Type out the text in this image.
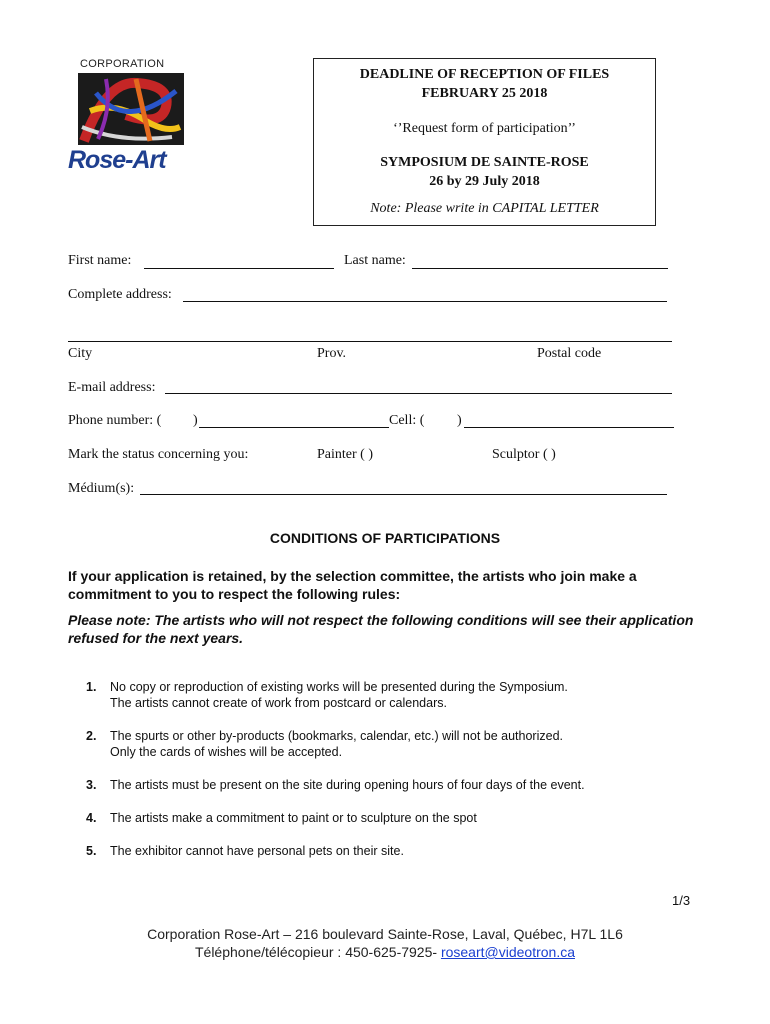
CORPORATION
Rose-Art
DEADLINE OF RECEPTION OF FILES
FEBRUARY 25 2018
‘’Request form of participation’’
SYMPOSIUM DE SAINTE-ROSE
26 by 29 July 2018
Note: Please write in CAPITAL LETTER
First name:	Last name:
Complete address:
City	Prov.	Postal code
E-mail address:
Phone number: ( )	Cell: ( )
Mark the status concerning you:	Painter ( )	Sculptor ( )
Médium(s):
CONDITIONS OF PARTICIPATIONS
If your application is retained, by the selection committee, the artists who join make a commitment to you to respect the following rules:
Please note: The artists who will not respect the following conditions will see their application refused for the next years.
1. No copy or reproduction of existing works will be presented during the Symposium.
The artists cannot create of work from postcard or calendars.
2. The spurts or other by-products (bookmarks, calendar, etc.) will not be authorized.
Only the cards of wishes will be accepted.
3. The artists must be present on the site during opening hours of four days of the event.
4. The artists make a commitment to paint or to sculpture on the spot
5. The exhibitor cannot have personal pets on their site.
1/3
Corporation Rose-Art – 216 boulevard Sainte-Rose, Laval, Québec, H7L 1L6
Téléphone/télécopieur : 450-625-7925- roseart@videotron.ca
